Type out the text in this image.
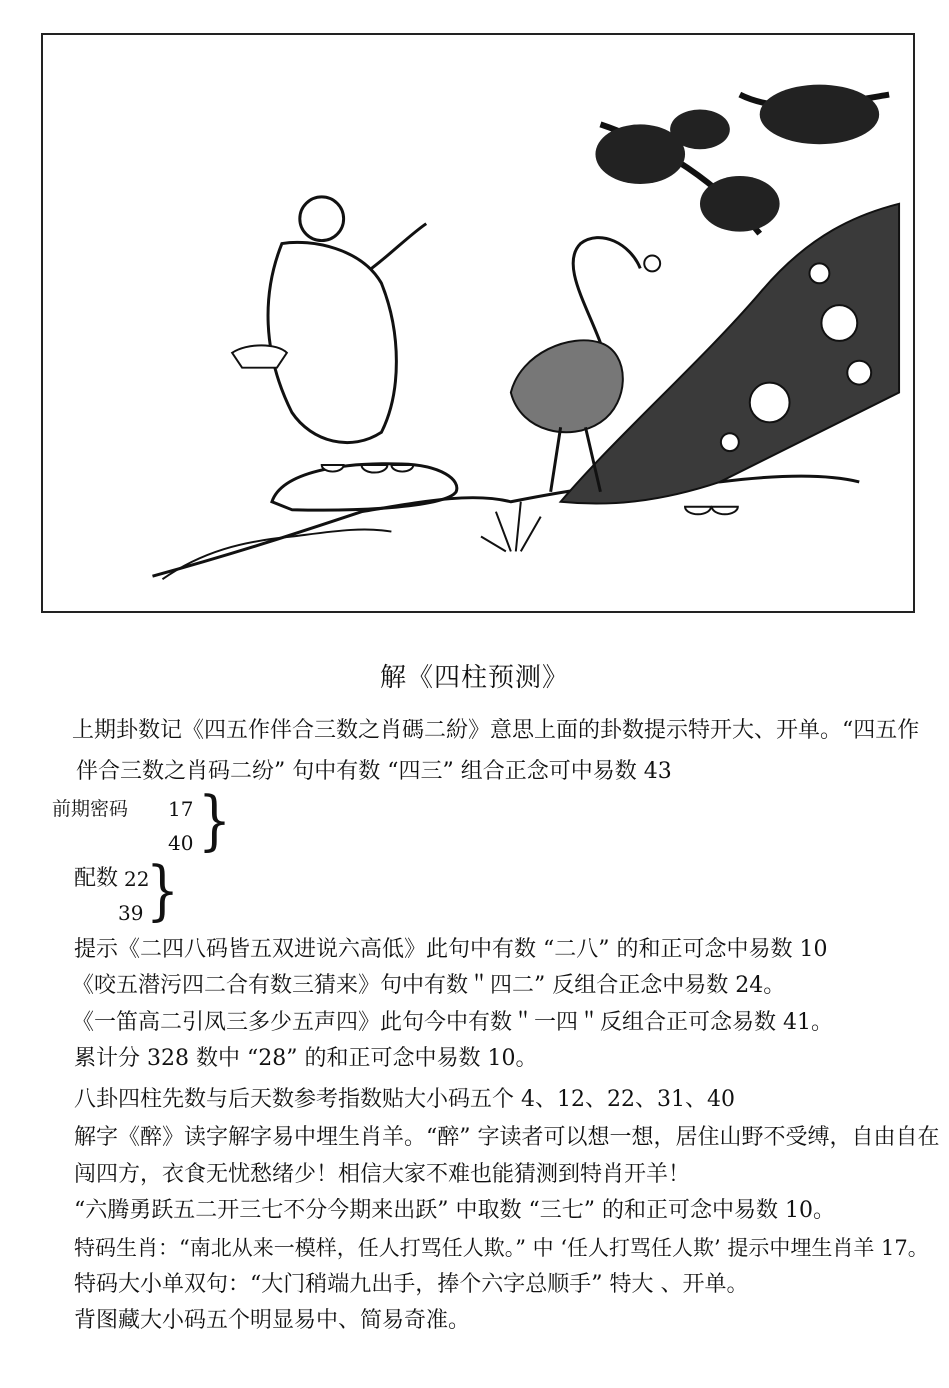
解《四柱预测》
上期卦数记《四五作伴合三数之肖碼二紛》意思上面的卦数提示特开大、开单。“四五作
伴合三数之肖码二纷” 句中有数 “四三” 组合正念可中易数 43
前期密码 17
40 }
配数 22
39 }
提示《二四八码皆五双进说六高低》此句中有数 “二八” 的和正可念中易数 10
《咬五潜污四二合有数三猜来》句中有数＂四二” 反组合正念中易数 24。
《一笛高二引凤三多少五声四》此句今中有数＂一四＂反组合正可念易数 41。
累计分 328 数中 “28” 的和正可念中易数 10。
八卦四柱先数与后天数参考指数贴大小码五个 4、12、22、31、40
解字《醉》读字解字易中埋生肖羊。“醉” 字读者可以想一想，居住山野不受缚，自由自在
闯四方，衣食无忧愁绪少！相信大家不难也能猜测到特肖开羊！
“六腾勇跃五二开三七不分今期来出跃” 中取数 “三七” 的和正可念中易数 10。
特码生肖：“南北从来一模样，任人打骂任人欺。” 中 ‘任人打骂任人欺’ 提示中埋生肖羊 17。
特码大小单双句：“大门稍端九出手，捧个六字总顺手” 特大 、开单。
背图藏大小码五个明显易中、简易奇准。
